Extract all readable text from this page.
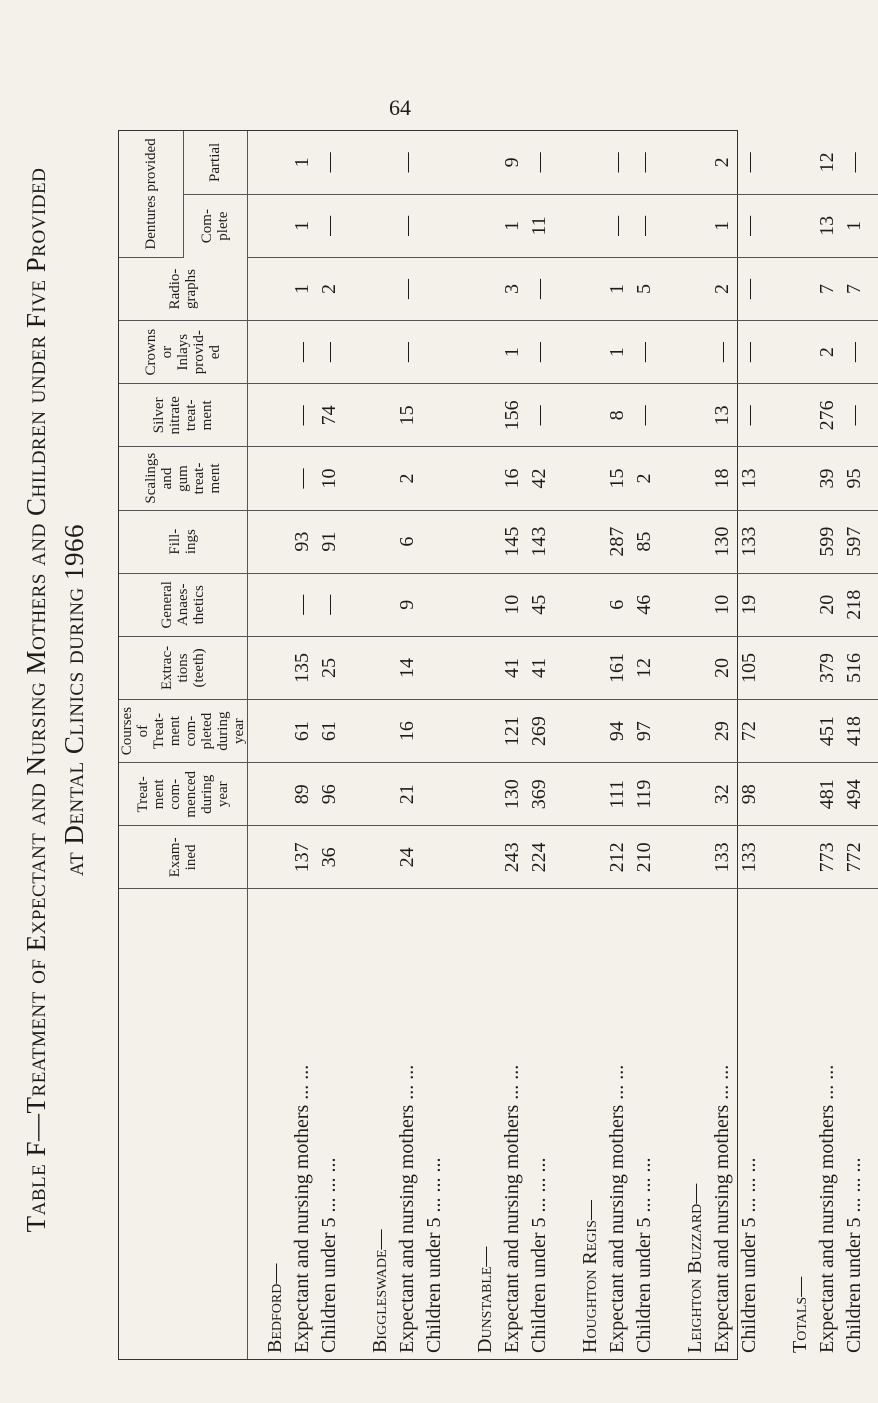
64
Table F—Treatment of Expectant and Nursing Mothers and Children under Five Provided at Dental Clinics during 1966
		Exam- ined	Treat- ment com- menced during year	Courses of Treat- ment com- pleted during year	Extrac- tions (teeth)	General Anaes- thetics	Fill- ings	Scalings and gum treat- ment	Silver nitrate treat- ment	Crowns or Inlays provid- ed	Radio- graphs	Dentures provided	
											Com- plete	Partial
Bedford—												
Expectant and nursing mothers ... ...	137	89	61	135	—	93	—	—	—	1	1	1
Children under 5 ... ... ...	36	96	61	25	—	91	10	74	—	2	—	—

Biggleswade—												
Expectant and nursing mothers ... ...	24	21	16	14	9	6	2	15	—	—	—	—
Children under 5 ... ... ...												

Dunstable—												
Expectant and nursing mothers ... ...	243	130	121	41	10	145	16	156	1	3	1	9
Children under 5 ... ... ...	224	369	269	41	45	143	42	—	—	—	11	—

Houghton Regis—												
Expectant and nursing mothers ... ...	212	111	94	161	6	287	15	8	1	1	—	—
Children under 5 ... ... ...	210	119	97	12	46	85	2	—	—	5	—	—

Leighton Buzzard—												
Expectant and nursing mothers ... ...	133	32	29	20	10	130	18	13	—	2	1	2
Children under 5 ... ... ...	133	98	72	105	19	133	13	—	—	—	—	—

Totals—												
Expectant and nursing mothers ... ...	773	481	451	379	20	599	39	276	2	7	13	12
Children under 5 ... ... ...	772	494	418	516	218	597	95	—	—	7	1	—
